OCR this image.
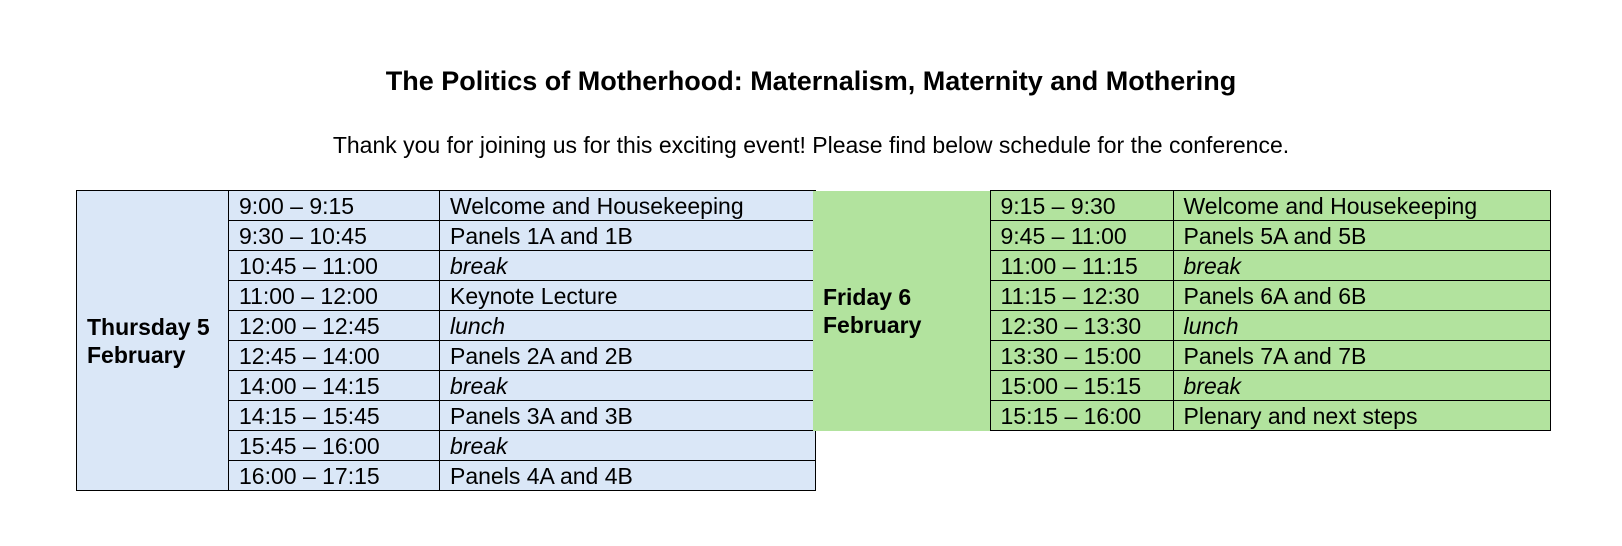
The Politics of Motherhood: Maternalism, Maternity and Mothering
Thank you for joining us for this exciting event! Please find below schedule for the conference.
Thursday 5 February	9:00 – 9:15	Welcome and Housekeeping
	9:30 – 10:45	Panels 1A and 1B
	10:45 – 11:00	break
	11:00 – 12:00	Keynote Lecture
	12:00 – 12:45	lunch
	12:45 – 14:00	Panels 2A and 2B
	14:00 – 14:15	break
	14:15 – 15:45	Panels 3A and 3B
	15:45 – 16:00	break
	16:00 – 17:15	Panels 4A and 4B
Friday 6 February	9:15 – 9:30	Welcome and Housekeeping
	9:45 – 11:00	Panels 5A and 5B
	11:00 – 11:15	break
	11:15 – 12:30	Panels 6A and 6B
	12:30 – 13:30	lunch
	13:30 – 15:00	Panels 7A and 7B
	15:00 – 15:15	break
	15:15 – 16:00	Plenary and next steps
